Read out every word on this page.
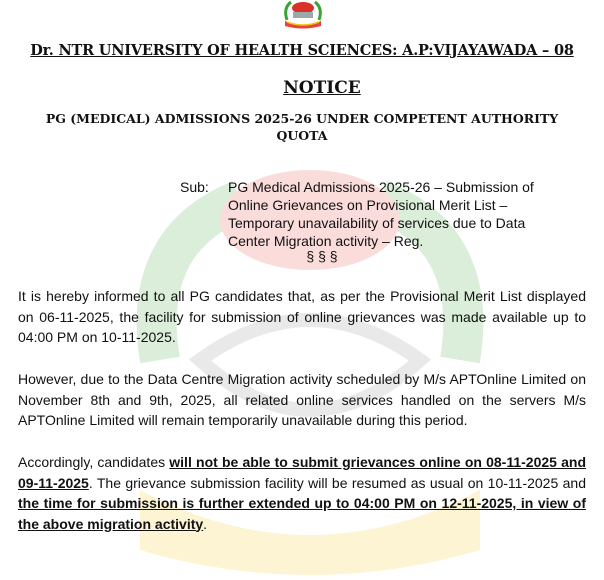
Dr. NTR UNIVERSITY OF HEALTH SCIENCES: A.P:VIJAYAWADA – 08
NOTICE
PG (MEDICAL) ADMISSIONS 2025-26 UNDER COMPETENT AUTHORITY QUOTA
Sub:	PG Medical Admissions 2025-26 – Submission of Online Grievances on Provisional Merit List – Temporary unavailability of services due to Data Center Migration activity – Reg.
§ § §
It is hereby informed to all PG candidates that, as per the Provisional Merit List displayed on 06-11-2025, the facility for submission of online grievances was made available up to 04:00 PM on 10-11-2025.
However, due to the Data Centre Migration activity scheduled by M/s APTOnline Limited on November 8th and 9th, 2025, all related online services handled on the servers M/s APTOnline Limited will remain temporarily unavailable during this period.
Accordingly, candidates will not be able to submit grievances online on 08-11-2025 and 09-11-2025. The grievance submission facility will be resumed as usual on 10-11-2025 and the time for submission is further extended up to 04:00 PM on 12-11-2025, in view of the above migration activity.
